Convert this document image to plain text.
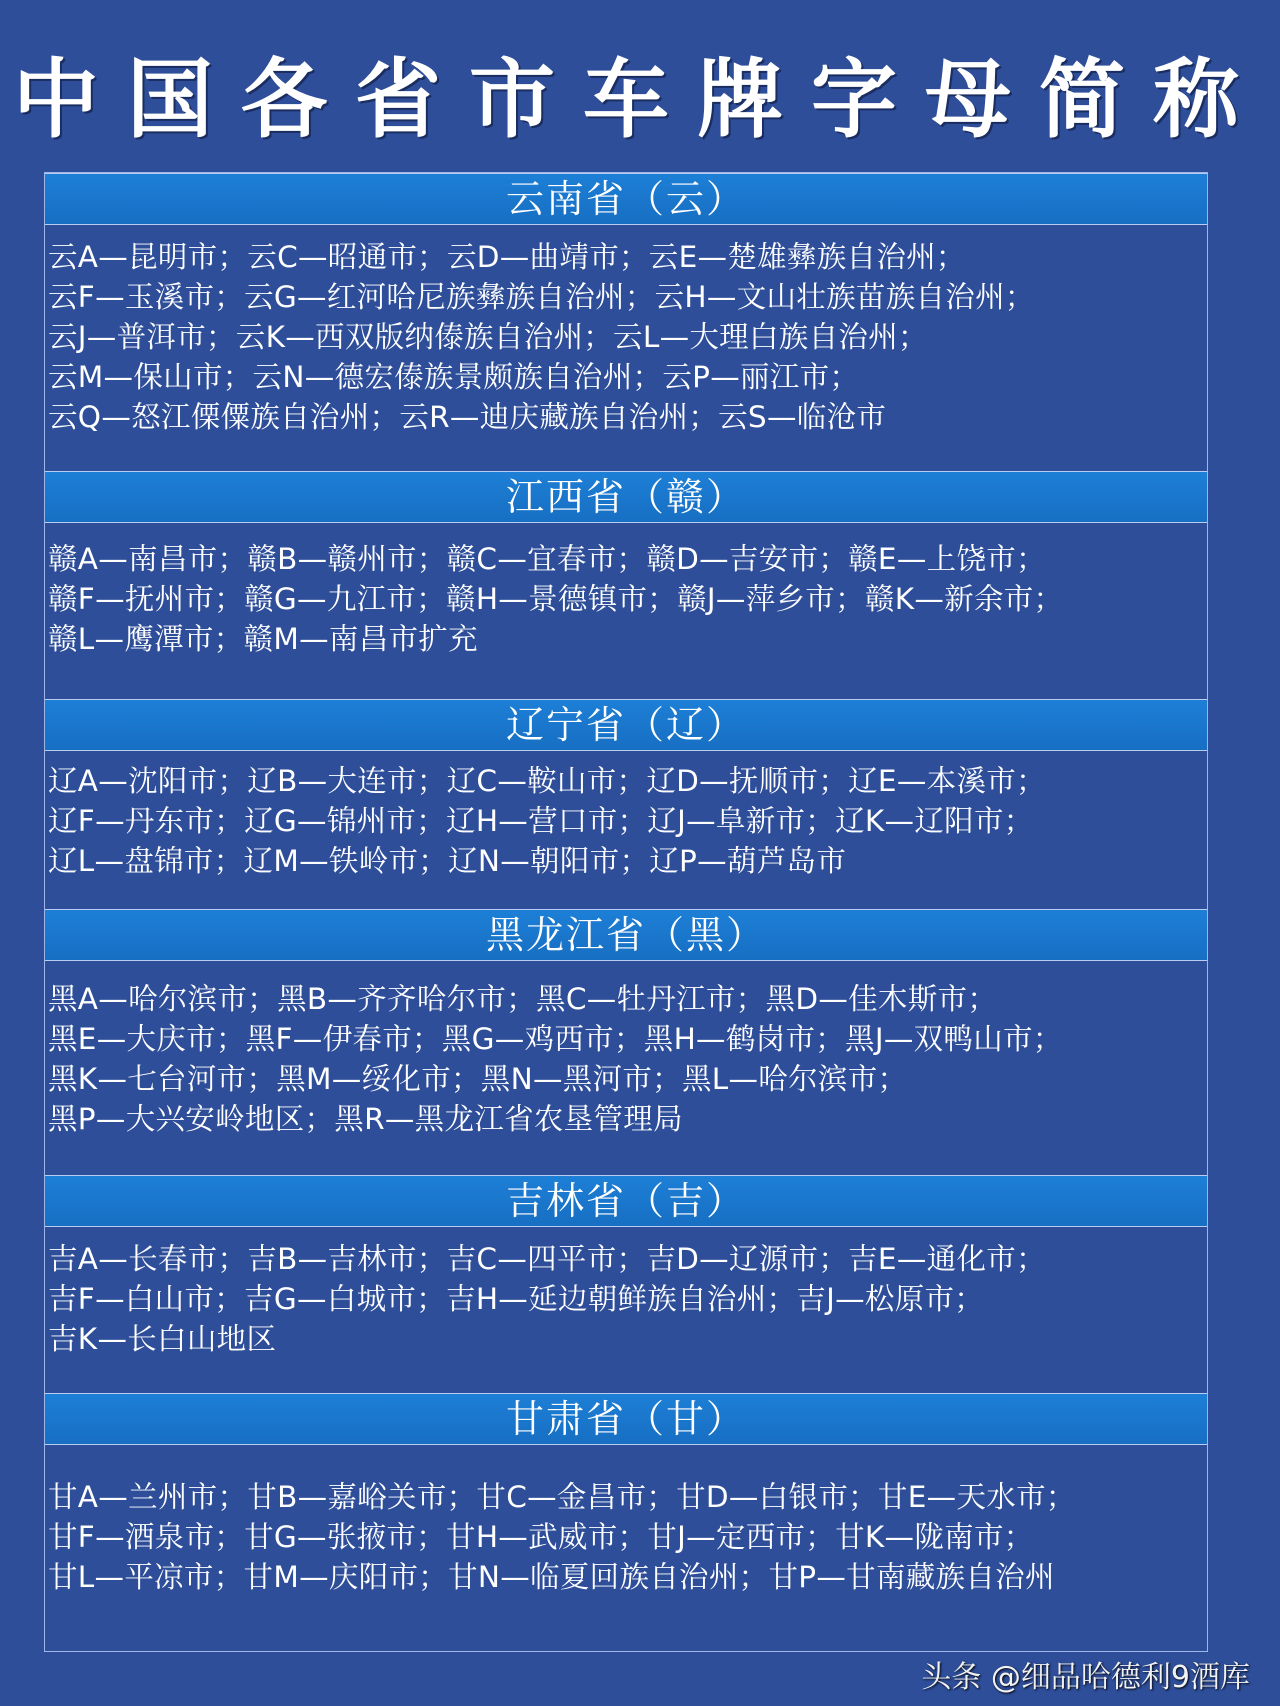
中国各省市车牌字母简称
云南省（云）
云A—昆明市；云C—昭通市；云D—曲靖市；云E—楚雄彝族自治州；
云F—玉溪市；云G—红河哈尼族彝族自治州；云H—文山壮族苗族自治州；
云J—普洱市；云K—西双版纳傣族自治州；云L—大理白族自治州；
云M—保山市；云N—德宏傣族景颇族自治州；云P—丽江市；
云Q—怒江傈僳族自治州；云R—迪庆藏族自治州；云S—临沧市
江西省（赣）
赣A—南昌市；赣B—赣州市；赣C—宜春市；赣D—吉安市；赣E—上饶市；
赣F—抚州市；赣G—九江市；赣H—景德镇市；赣J—萍乡市；赣K—新余市；
赣L—鹰潭市；赣M—南昌市扩充
辽宁省（辽）
辽A—沈阳市；辽B—大连市；辽C—鞍山市；辽D—抚顺市；辽E—本溪市；
辽F—丹东市；辽G—锦州市；辽H—营口市；辽J—阜新市；辽K—辽阳市；
辽L—盘锦市；辽M—铁岭市；辽N—朝阳市；辽P—葫芦岛市
黑龙江省（黑）
黑A—哈尔滨市；黑B—齐齐哈尔市；黑C—牡丹江市；黑D—佳木斯市；
黑E—大庆市；黑F—伊春市；黑G—鸡西市；黑H—鹤岗市；黑J—双鸭山市；
黑K—七台河市；黑M—绥化市；黑N—黑河市；黑L—哈尔滨市；
黑P—大兴安岭地区；黑R—黑龙江省农垦管理局
吉林省（吉）
吉A—长春市；吉B—吉林市；吉C—四平市；吉D—辽源市；吉E—通化市；
吉F—白山市；吉G—白城市；吉H—延边朝鲜族自治州；吉J—松原市；
吉K—长白山地区
甘肃省（甘）
甘A—兰州市；甘B—嘉峪关市；甘C—金昌市；甘D—白银市；甘E—天水市；
甘F—酒泉市；甘G—张掖市；甘H—武威市；甘J—定西市；甘K—陇南市；
甘L—平凉市；甘M—庆阳市；甘N—临夏回族自治州；甘P—甘南藏族自治州
头条 @细品哈德利9酒库
